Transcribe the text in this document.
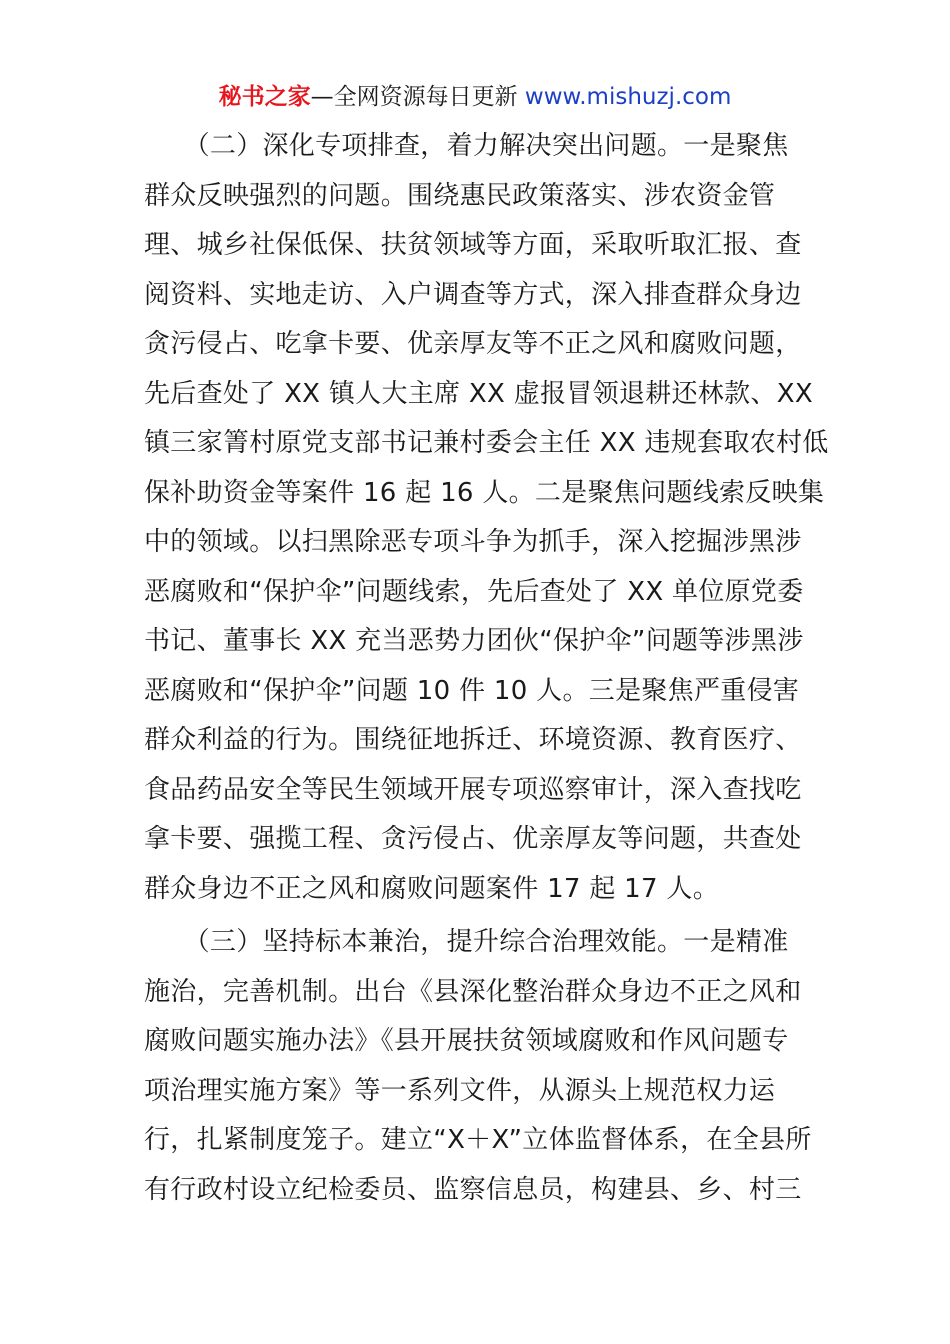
秘书之家—全网资源每日更新 www.mishuzj.com
　　（二）深化专项排查，着力解决突出问题。一是聚焦
群众反映强烈的问题。围绕惠民政策落实、涉农资金管
理、城乡社保低保、扶贫领域等方面，采取听取汇报、查
阅资料、实地走访、入户调查等方式，深入排查群众身边
贪污侵占、吃拿卡要、优亲厚友等不正之风和腐败问题，
先后查处了 XX 镇人大主席 XX 虚报冒领退耕还林款、XX
镇三家箐村原党支部书记兼村委会主任 XX 违规套取农村低
保补助资金等案件 16 起 16 人。二是聚焦问题线索反映集
中的领域。以扫黑除恶专项斗争为抓手，深入挖掘涉黑涉
恶腐败和“保护伞”问题线索，先后查处了 XX 单位原党委
书记、董事长 XX 充当恶势力团伙“保护伞”问题等涉黑涉
恶腐败和“保护伞”问题 10 件 10 人。三是聚焦严重侵害
群众利益的行为。围绕征地拆迁、环境资源、教育医疗、
食品药品安全等民生领域开展专项巡察审计，深入查找吃
拿卡要、强揽工程、贪污侵占、优亲厚友等问题，共查处
群众身边不正之风和腐败问题案件 17 起 17 人。
　　（三）坚持标本兼治，提升综合治理效能。一是精准
施治，完善机制。出台《县深化整治群众身边不正之风和
腐败问题实施办法》《县开展扶贫领域腐败和作风问题专
项治理实施方案》等一系列文件，从源头上规范权力运
行，扎紧制度笼子。建立“X＋X”立体监督体系，在全县所
有行政村设立纪检委员、监察信息员，构建县、乡、村三
